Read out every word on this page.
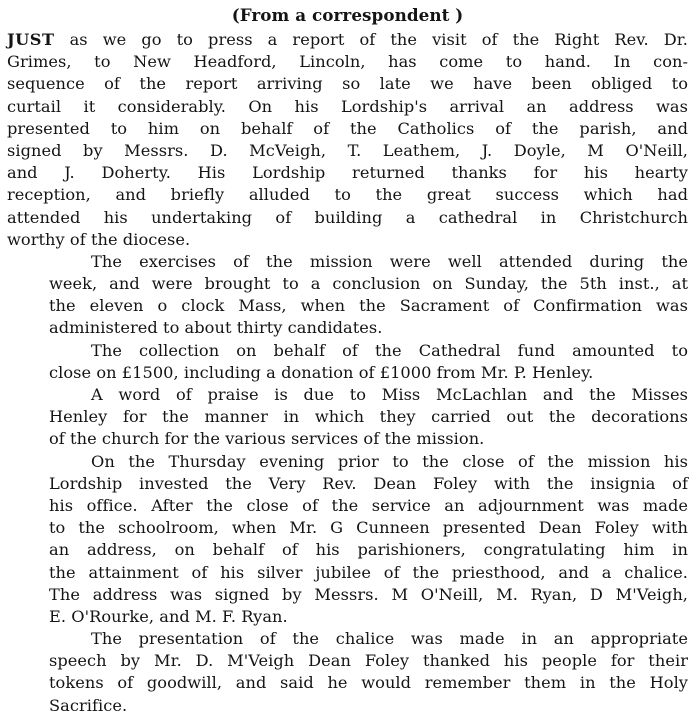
(From a correspondent )

JUST as we go to press a report of the visit of the Right Rev. Dr.
Grimes, to New Headford, Lincoln, has come to hand. In con-
sequence of the report arriving so late we have been obliged to
curtail it considerably. On his Lordship's arrival an address was
presented to him on behalf of the Catholics of the parish, and
signed by Messrs. D. McVeigh, T. Leathem, J. Doyle, M O'Neill,
and J. Doherty. His Lordship returned thanks for his hearty
reception, and briefly alluded to the great success which had
attended his undertaking of building a cathedral in Christchurch
worthy of the diocese.

The exercises of the mission were well attended during the
week, and were brought to a conclusion on Sunday, the 5th inst., at
the eleven o clock Mass, when the Sacrament of Confirmation was
administered to about thirty candidates.

The collection on behalf of the Cathedral fund amounted to
close on £1500, including a donation of £1000 from Mr. P. Henley.

A word of praise is due to Miss McLachlan and the Misses
Henley for the manner in which they carried out the decorations
of the church for the various services of the mission.

On the Thursday evening prior to the close of the mission his
Lordship invested the Very Rev. Dean Foley with the insignia of
his office. After the close of the service an adjournment was made
to the schoolroom, when Mr. G Cunneen presented Dean Foley with
an address, on behalf of his parishioners, congratulating him in
the attainment of his silver jubilee of the priesthood, and a chalice.
The address was signed by Messrs. M O'Neill, M. Ryan, D M'Veigh,
E. O'Rourke, and M. F. Ryan.

The presentation of the chalice was made in an appropriate
speech by Mr. D. M'Veigh Dean Foley thanked his people for their
tokens of goodwill, and said he would remember them in the Holy
Sacrifice.
